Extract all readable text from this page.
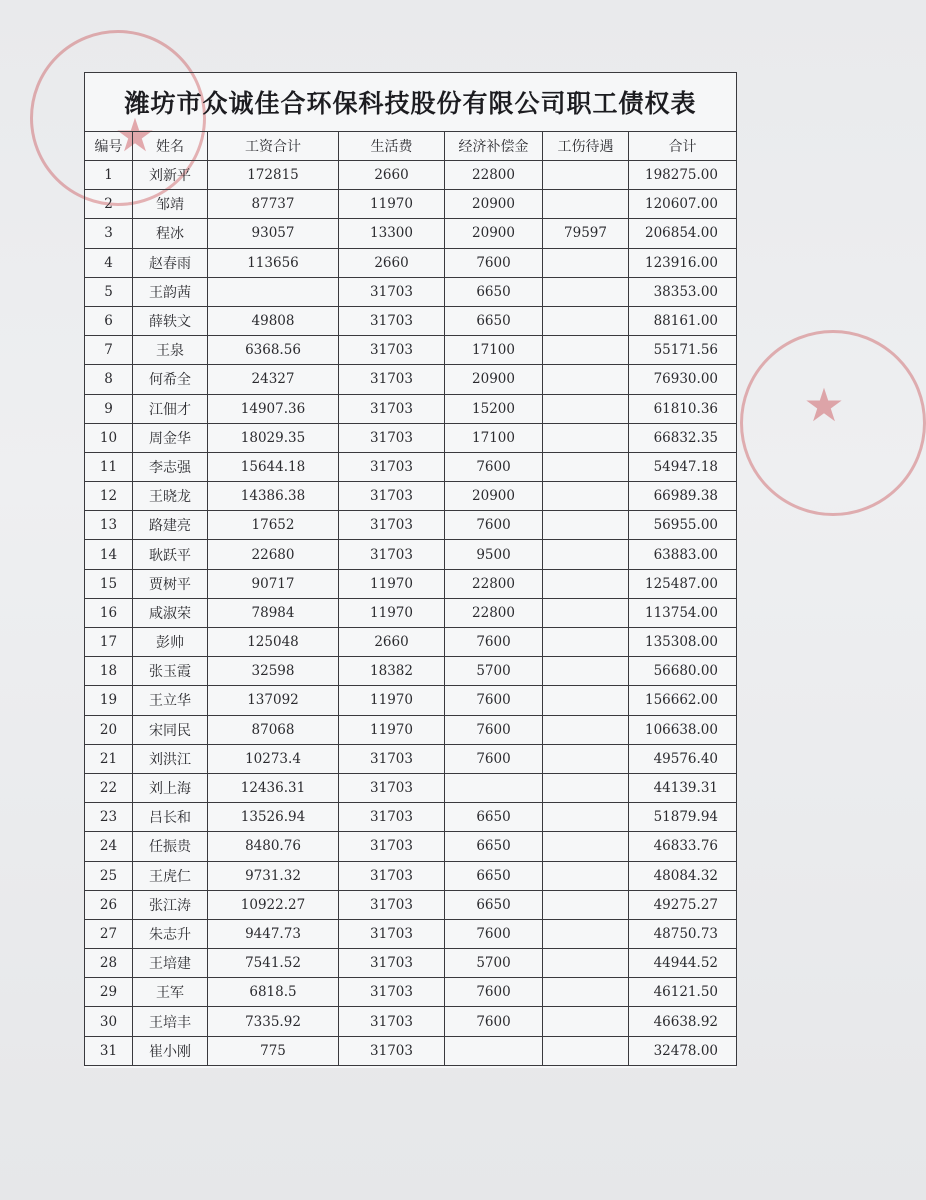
★
★
潍坊市众诚佳合环保科技股份有限公司职工债权表						
编号	姓名	工资合计	生活费	经济补偿金	工伤待遇	合计
1	刘新平	172815	2660	22800		198275.00
2	邹靖	87737	11970	20900		120607.00
3	程冰	93057	13300	20900	79597	206854.00
4	赵春雨	113656	2660	7600		123916.00
5	王韵茜		31703	6650		38353.00
6	薛轶文	49808	31703	6650		88161.00
7	王泉	6368.56	31703	17100		55171.56
8	何希全	24327	31703	20900		76930.00
9	江佃才	14907.36	31703	15200		61810.36
10	周金华	18029.35	31703	17100		66832.35
11	李志强	15644.18	31703	7600		54947.18
12	王晓龙	14386.38	31703	20900		66989.38
13	路建亮	17652	31703	7600		56955.00
14	耿跃平	22680	31703	9500		63883.00
15	贾树平	90717	11970	22800		125487.00
16	咸淑荣	78984	11970	22800		113754.00
17	彭帅	125048	2660	7600		135308.00
18	张玉霞	32598	18382	5700		56680.00
19	王立华	137092	11970	7600		156662.00
20	宋同民	87068	11970	7600		106638.00
21	刘洪江	10273.4	31703	7600		49576.40
22	刘上海	12436.31	31703			44139.31
23	吕长和	13526.94	31703	6650		51879.94
24	任振贵	8480.76	31703	6650		46833.76
25	王虎仁	9731.32	31703	6650		48084.32
26	张江涛	10922.27	31703	6650		49275.27
27	朱志升	9447.73	31703	7600		48750.73
28	王培建	7541.52	31703	5700		44944.52
29	王军	6818.5	31703	7600		46121.50
30	王培丰	7335.92	31703	7600		46638.92
31	崔小刚	775	31703			32478.00
